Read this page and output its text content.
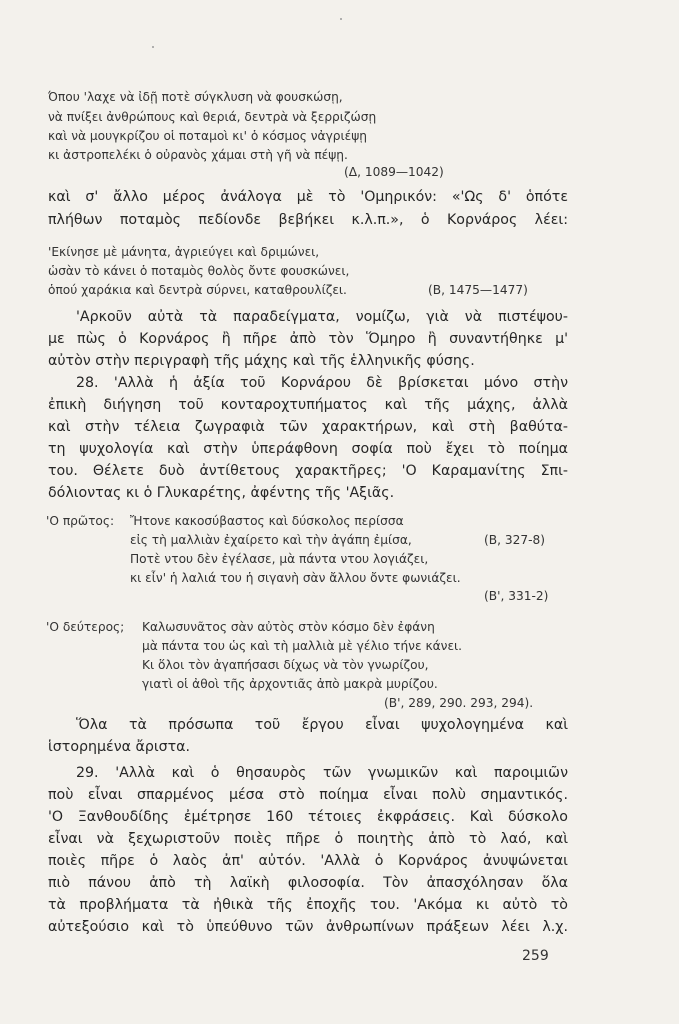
Όπου 'λαχε νὰ ἰδῇ ποτὲ σύγκλυση νὰ φουσκώσῃ,
νὰ πνίξει ἀνθρώπους καὶ θεριά, δεντρὰ νὰ ξερριζώσῃ
καὶ νὰ μουγκρίζου οἱ ποταμοὶ κι' ὁ κόσμος νἀγριέψῃ
κι ἀστροπελέκι ὁ οὐρανὸς χάμαι στὴ γῆ νὰ πέψῃ.
(Δ, 1089—1042)
καὶ σ' ἄλλο μέρος ἀνάλογα μὲ τὸ 'Ομηρικόν: «'Ως δ' ὁπότε
πλήθων ποταμὸς πεδίονδε βεβήκει κ.λ.π.», ὁ Κορνάρος λέει:
'Εκίνησε μὲ μάνητα, ἀγριεύγει καὶ δριμώνει,
ὡσὰν τὸ κάνει ὁ ποταμὸς θολὸς ὄντε φουσκώνει,
ὁπού χαράκια καὶ δεντρὰ σύρνει, καταθρουλίζει.	(Β, 1475—1477)
'Αρκοῦν αὐτὰ τὰ παραδείγματα, νομίζω, γιὰ νὰ πιστέψου-
με πὼς ὁ Κορνάρος ἢ πῆρε ἀπὸ τὸν Ὅμηρο ἢ συναντήθηκε μ'
αὐτὸν στὴν περιγραφὴ τῆς μάχης καὶ τῆς ἑλληνικῆς φύσης.
28. 'Αλλὰ ἡ ἀξία τοῦ Κορνάρου δὲ βρίσκεται μόνο στὴν
ἐπικὴ διήγηση τοῦ κονταροχτυπήματος καὶ τῆς μάχης, ἀλλὰ
καὶ στὴν τέλεια ζωγραφιὰ τῶν χαρακτήρων, καὶ στὴ βαθύτα-
τη ψυχολογία καὶ στὴν ὑπεράφθονη σοφία ποὺ ἔχει τὸ ποίημα
του. Θέλετε δυὸ ἀντίθετους χαρακτῆρες; 'Ο Καραμανίτης Σπι-
δόλιοντας κι ὁ Γλυκαρέτης, ἀφέντης τῆς 'Αξιᾶς.
'Ο πρῶτος: Ἤτονε κακοσύβαστος καὶ δύσκολος περίσσα
εἰς τὴ μαλλιὰν ἐχαίρετο καὶ τὴν ἀγάπη ἐμίσα,	(Β, 327-8)
Ποτὲ ντου δὲν ἐγέλασε, μὰ πάντα ντου λογιάζει,
κι εἶν' ἡ λαλιά του ἡ σιγανὴ σὰν ἄλλου ὄντε φωνιάζει.
(Β', 331-2)
'Ο δεύτερος; Καλωσυνᾶτος σὰν αὐτὸς στὸν κόσμο δὲν ἐφάνη
μὰ πάντα του ὡς καὶ τὴ μαλλιὰ μὲ γέλιο τήνε κάνει.
Κι ὅλοι τὸν ἀγαπήσασι δίχως νὰ τὸν γνωρίζου,
γιατὶ οἱ ἀθοὶ τῆς ἀρχοντιᾶς ἀπὸ μακρὰ μυρίζου.
(Β', 289, 290. 293, 294).
Ὅλα τὰ πρόσωπα τοῦ ἔργου εἶναι ψυχολογημένα καὶ
ἱστορημένα ἄριστα.
29. 'Αλλὰ καὶ ὁ θησαυρὸς τῶν γνωμικῶν καὶ παροιμιῶν
ποὺ εἶναι σπαρμένος μέσα στὸ ποίημα εἶναι πολὺ σημαντικός.
'Ο Ξανθουδίδης ἐμέτρησε 160 τέτοιες ἐκφράσεις. Καὶ δύσκολο
εἶναι νὰ ξεχωριστοῦν ποιὲς πῆρε ὁ ποιητὴς ἀπὸ τὸ λαό, καὶ
ποιὲς πῆρε ὁ λαὸς ἀπ' αὐτόν. 'Αλλὰ ὁ Κορνάρος ἀνυψώνεται
πιὸ πάνου ἀπὸ τὴ λαϊκὴ φιλοσοφία. Τὸν ἀπασχόλησαν ὅλα
τὰ προβλήματα τὰ ἠθικὰ τῆς ἐποχῆς του. 'Ακόμα κι αὐτὸ τὸ
αὐτεξούσιο καὶ τὸ ὑπεύθυνο τῶν ἀνθρωπίνων πράξεων λέει λ.χ.
259
